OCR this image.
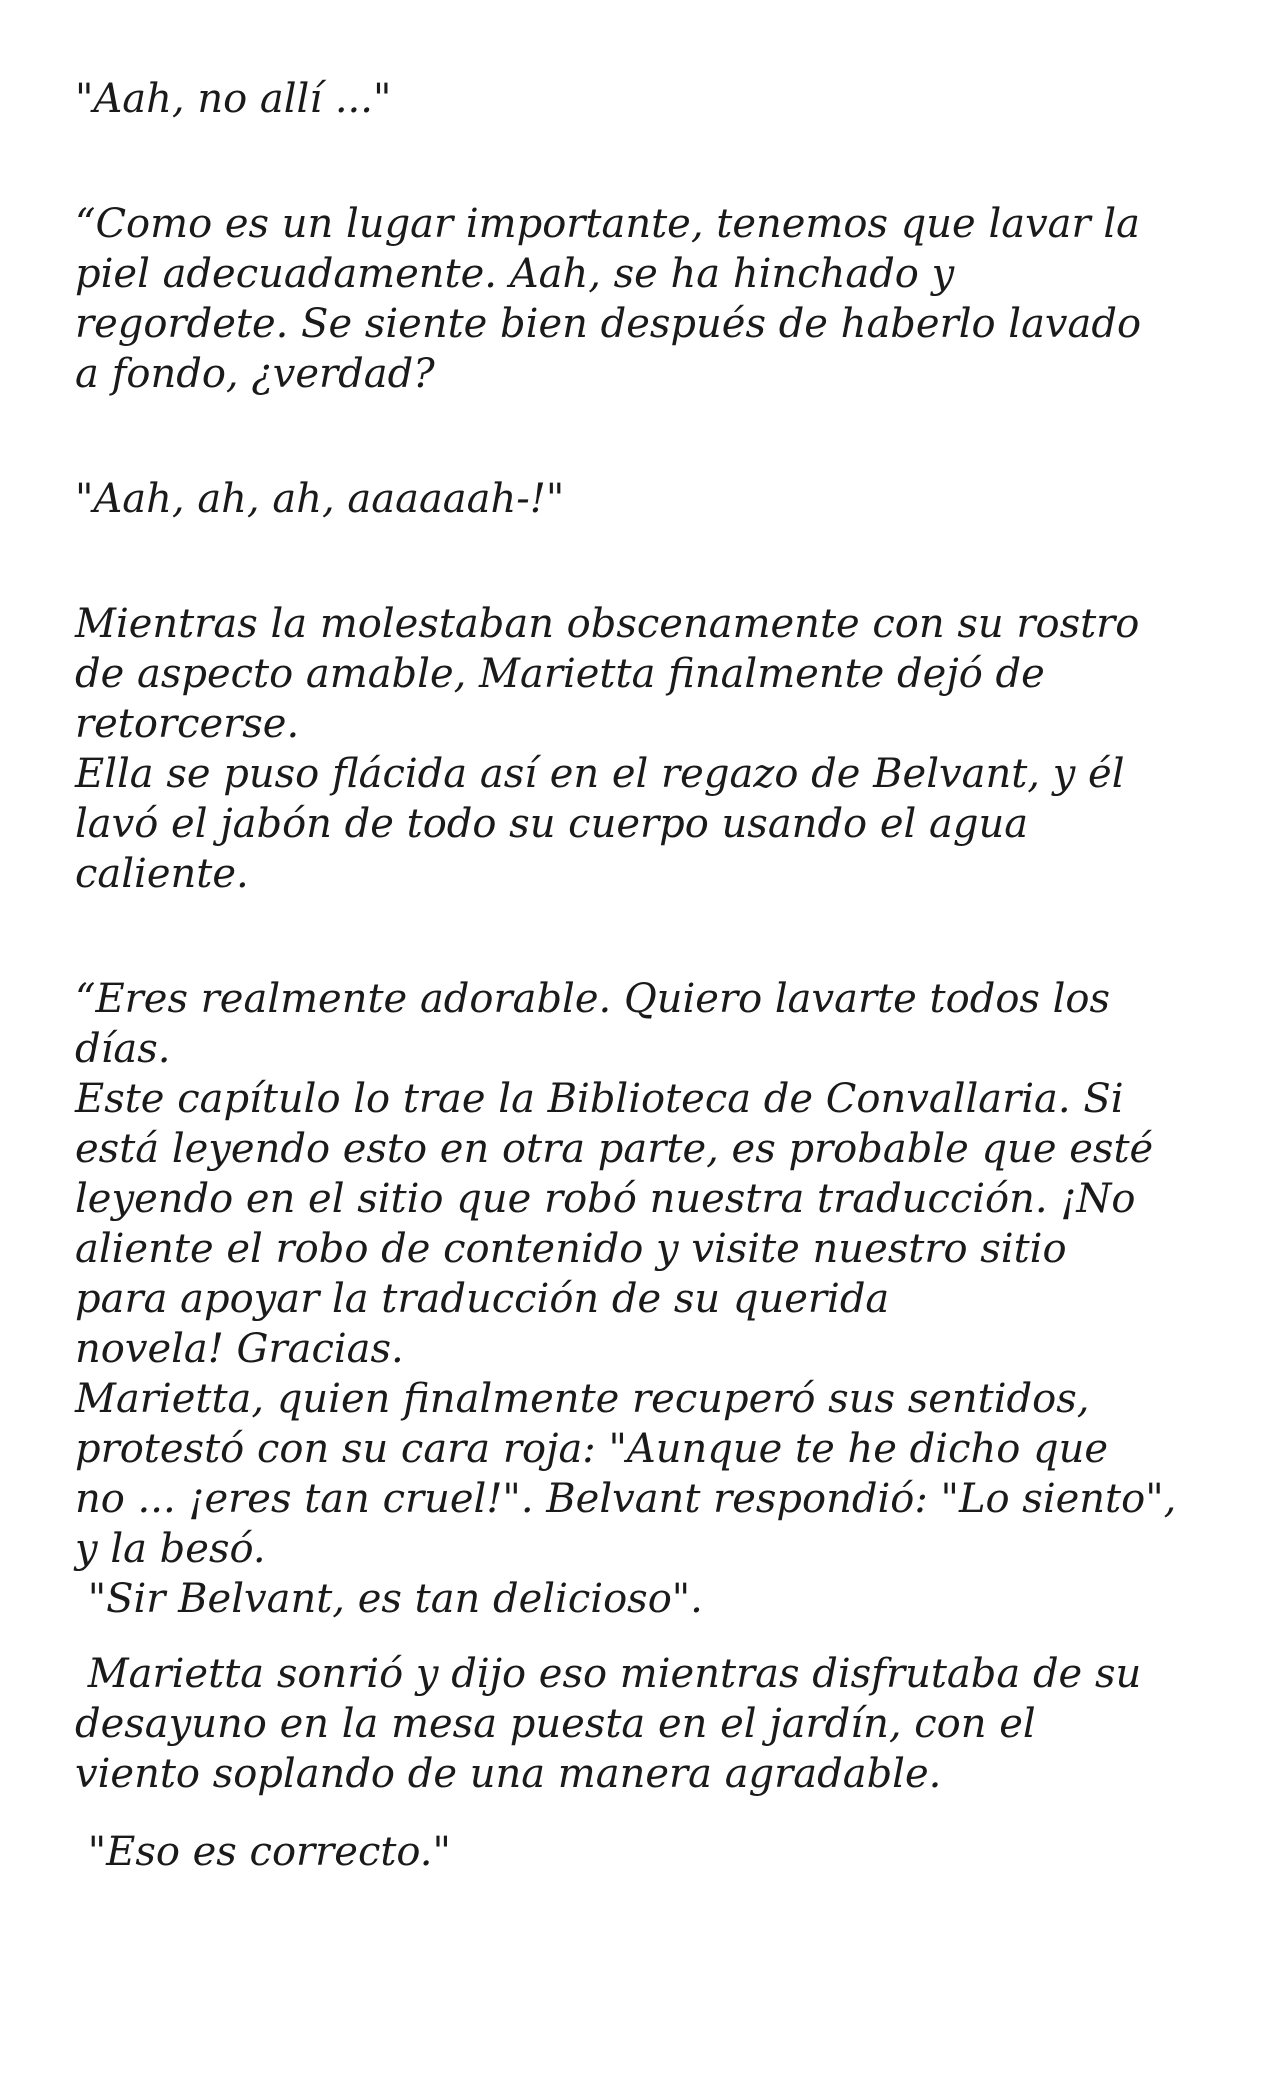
"Aah, no allí ..."
“Como es un lugar importante, tenemos que lavar la
piel adecuadamente. Aah, se ha hinchado y
regordete. Se siente bien después de haberlo lavado
a fondo, ¿verdad?
"Aah, ah, ah, aaaaaah-!"
Mientras la molestaban obscenamente con su rostro
de aspecto amable, Marietta finalmente dejó de
retorcerse.
Ella se puso flácida así en el regazo de Belvant, y él
lavó el jabón de todo su cuerpo usando el agua
caliente.
“Eres realmente adorable. Quiero lavarte todos los
días.
Este capítulo lo trae la Biblioteca de Convallaria. Si
está leyendo esto en otra parte, es probable que esté
leyendo en el sitio que robó nuestra traducción. ¡No
aliente el robo de contenido y visite nuestro sitio
para apoyar la traducción de su querida
novela! Gracias.
Marietta, quien finalmente recuperó sus sentidos,
protestó con su cara roja: "Aunque te he dicho que
no ... ¡eres tan cruel!". Belvant respondió: "Lo siento",
y la besó.
"Sir Belvant, es tan delicioso".
Marietta sonrió y dijo eso mientras disfrutaba de su
desayuno en la mesa puesta en el jardín, con el
viento soplando de una manera agradable.
"Eso es correcto."
